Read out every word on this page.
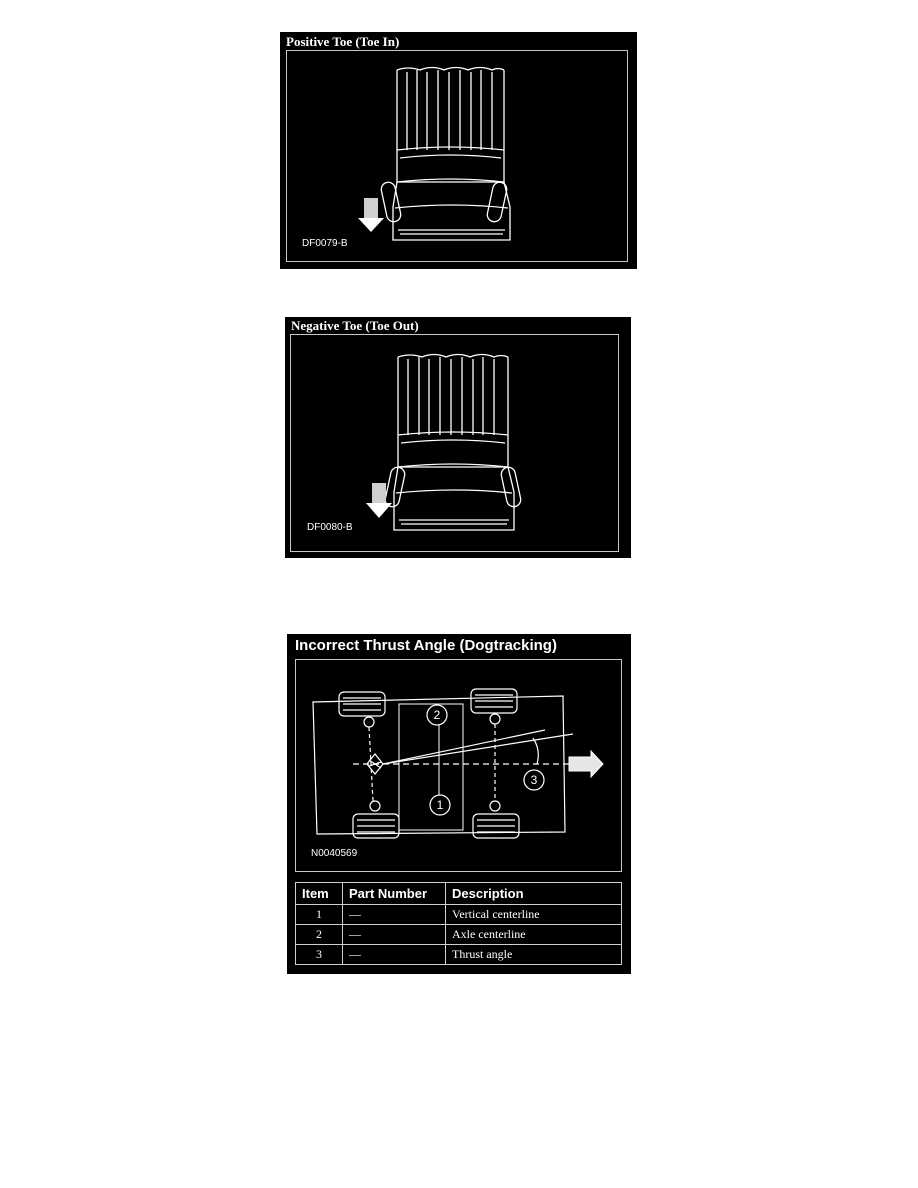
Positive Toe (Toe In)
DF0079-B
Negative Toe (Toe Out)
DF0080-B
Incorrect Thrust Angle (Dogtracking)
2
1
3
N0040569
Item	Part Number	Description
1	—	Vertical centerline
2	—	Axle centerline
3	—	Thrust angle
